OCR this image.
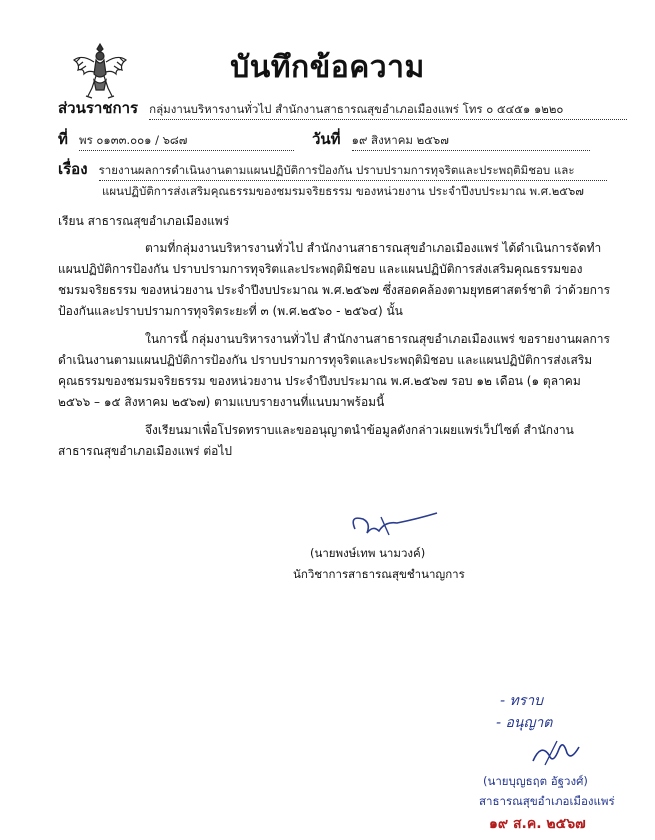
บันทึกข้อความ
ส่วนราชการ กลุ่มงานบริหารงานทั่วไป สำนักงานสาธารณสุขอำเภอเมืองแพร่ โทร ๐ ๕๔๕๑ ๑๒๒๐
ที่ พร ๐๑๓๓.๐๐๑ / ๖๘๗	วันที่ ๑๙ สิงหาคม ๒๕๖๗
เรื่อง รายงานผลการดำเนินงานตามแผนปฏิบัติการป้องกัน ปราบปรามการทุจริตและประพฤติมิชอบ และ
แผนปฏิบัติการส่งเสริมคุณธรรมของชมรมจริยธรรม ของหน่วยงาน ประจำปีงบประมาณ พ.ศ.๒๕๖๗
เรียน สาธารณสุขอำเภอเมืองแพร่
ตามที่กลุ่มงานบริหารงานทั่วไป สำนักงานสาธารณสุขอำเภอเมืองแพร่ ได้ดำเนินการจัดทำ
แผนปฏิบัติการป้องกัน ปราบปรามการทุจริตและประพฤติมิชอบ และแผนปฏิบัติการส่งเสริมคุณธรรมของ
ชมรมจริยธรรม ของหน่วยงาน ประจำปีงบประมาณ พ.ศ.๒๕๖๗ ซึ่งสอดคล้องตามยุทธศาสตร์ชาติ ว่าด้วยการ
ป้องกันและปราบปรามการทุจริตระยะที่ ๓ (พ.ศ.๒๕๖๐ - ๒๕๖๔) นั้น
ในการนี้ กลุ่มงานบริหารงานทั่วไป สำนักงานสาธารณสุขอำเภอเมืองแพร่ ขอรายงานผลการ
ดำเนินงานตามแผนปฏิบัติการป้องกัน ปราบปรามการทุจริตและประพฤติมิชอบ และแผนปฏิบัติการส่งเสริม
คุณธรรมของชมรมจริยธรรม ของหน่วยงาน ประจำปีงบประมาณ พ.ศ.๒๕๖๗ รอบ ๑๒ เดือน (๑ ตุลาคม
๒๕๖๖ – ๑๕ สิงหาคม ๒๕๖๗) ตามแบบรายงานที่แนบมาพร้อมนี้
จึงเรียนมาเพื่อโปรดทราบและขออนุญาตนำข้อมูลดังกล่าวเผยแพร่เว็ปไซต์ สำนักงาน
สาธารณสุขอำเภอเมืองแพร่ ต่อไป
(นายพงษ์เทพ นามวงค์)
นักวิชาการสาธารณสุขชำนาญการ
- ทราบ
- อนุญาต
(นายบุญธฤต อัฐวงศ์)
สาธารณสุขอำเภอเมืองแพร่
๑๙ ส.ค. ๒๕๖๗
